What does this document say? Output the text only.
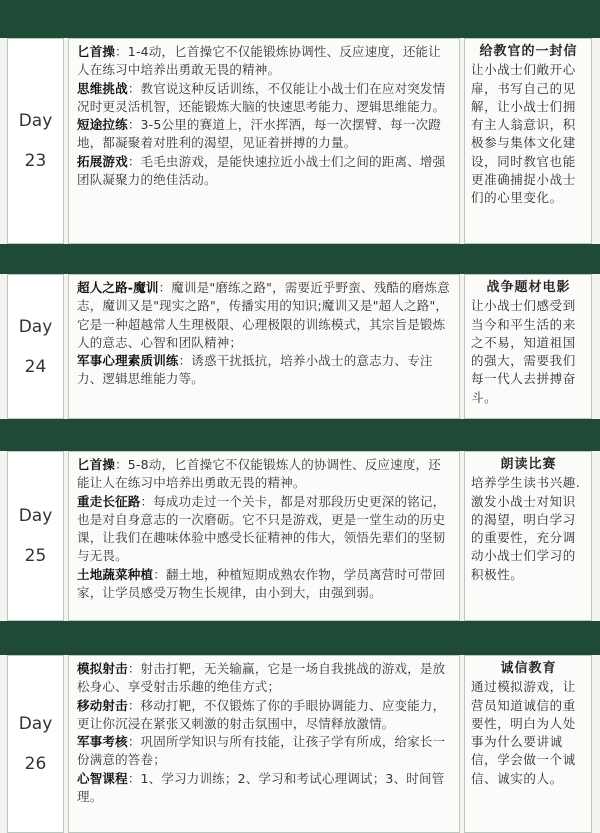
Day
23

匕首操：1-4动，匕首操它不仅能锻炼协调性、反应速度，还能让人在练习中培养出勇敢无畏的精神。

思维挑战：教官说这种反话训练，不仅能让小战士们在应对突发情况时更灵活机智，还能锻炼大脑的快速思考能力、逻辑思维能力。

短途拉练：3-5公里的赛道上，汗水挥洒，每一次摆臂、每一次蹬地，都凝聚着对胜利的渴望，见证着拼搏的力量。

拓展游戏：毛毛虫游戏，是能快速拉近小战士们之间的距离、增强团队凝聚力的绝佳活动。

给教官的一封信
让小战士们敞开心扉，书写自己的见解，让小战士们拥有主人翁意识，积极参与集体文化建设，同时教官也能更准确捕捉小战士们的心里变化。
Day
24

超人之路-魔训：魔训是"磨练之路"，需要近乎野蛮、残酷的磨炼意志，魔训又是"现实之路"，传播实用的知识;魔训又是"超人之路"，它是一种超越常人生理极限、心理极限的训练模式，其宗旨是锻炼人的意志、心智和团队精神；

军事心理素质训练：诱惑干扰抵抗，培养小战士的意志力、专注力、逻辑思维能力等。

战争题材电影
让小战士们感受到当今和平生活的来之不易，知道祖国的强大，需要我们每一代人去拼搏奋斗。
Day
25

匕首操：5-8动，匕首操它不仅能锻炼人的协调性、反应速度，还能让人在练习中培养出勇敢无畏的精神。

重走长征路：每成功走过一个关卡，都是对那段历史更深的铭记，也是对自身意志的一次磨砺。它不只是游戏，更是一堂生动的历史课，让我们在趣味体验中感受长征精神的伟大，领悟先辈们的坚韧与无畏。

土地蔬菜种植：翻土地，种植短期成熟农作物，学员离营时可带回家，让学员感受万物生长规律，由小到大，由强到弱。

朗读比赛
培养学生读书兴趣.激发小战士对知识的渴望，明白学习的重要性，充分调动小战士们学习的积极性。
Day
26

模拟射击：射击打靶，无关输赢，它是一场自我挑战的游戏，是放松身心、享受射击乐趣的绝佳方式；

移动射击：移动打靶，不仅锻炼了你的手眼协调能力、应变能力，更让你沉浸在紧张又刺激的射击氛围中，尽情释放激情。

军事考核：巩固所学知识与所有技能，让孩子学有所成，给家长一份满意的答卷；

心智课程：1、学习力训练；2、学习和考试心理调试；3、时间管理。

诚信教育
通过模拟游戏，让营员知道诚信的重要性，明白为人处事为什么要讲诚信，学会做一个诚信、诚实的人。
